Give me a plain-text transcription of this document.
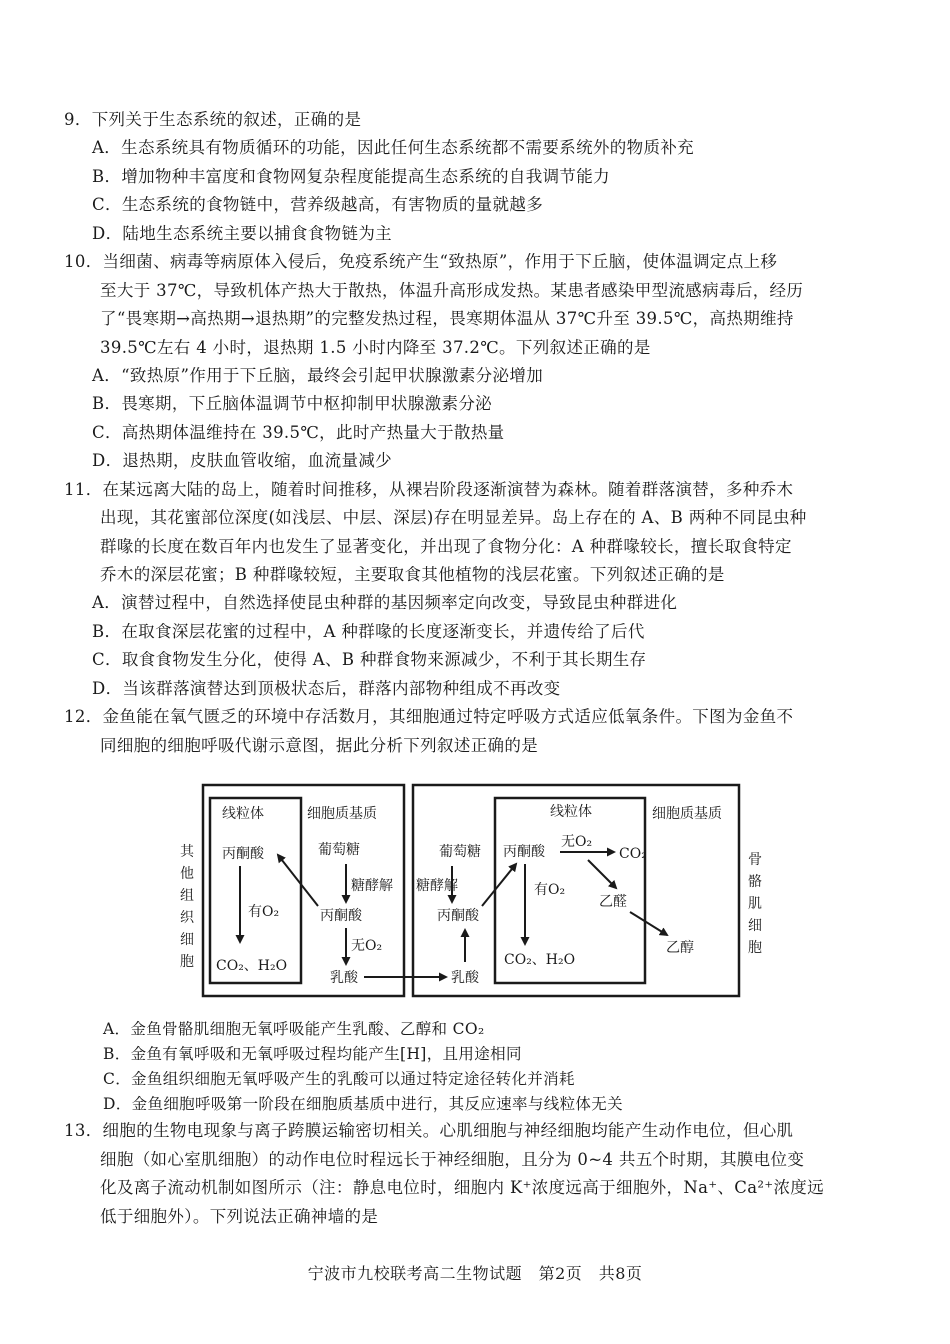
9．下列关于生态系统的叙述，正确的是
A．生态系统具有物质循环的功能，因此任何生态系统都不需要系统外的物质补充
B．增加物种丰富度和食物网复杂程度能提高生态系统的自我调节能力
C．生态系统的食物链中，营养级越高，有害物质的量就越多
D．陆地生态系统主要以捕食食物链为主
10．当细菌、病毒等病原体入侵后，免疫系统产生“致热原”，作用于下丘脑，使体温调定点上移
至大于 37℃，导致机体产热大于散热，体温升高形成发热。某患者感染甲型流感病毒后，经历
了“畏寒期→高热期→退热期”的完整发热过程，畏寒期体温从 37℃升至 39.5℃，高热期维持
39.5℃左右 4 小时，退热期 1.5 小时内降至 37.2℃。下列叙述正确的是
A．“致热原”作用于下丘脑，最终会引起甲状腺激素分泌增加
B．畏寒期，下丘脑体温调节中枢抑制甲状腺激素分泌
C．高热期体温维持在 39.5℃，此时产热量大于散热量
D．退热期，皮肤血管收缩，血流量减少
11．在某远离大陆的岛上，随着时间推移，从裸岩阶段逐渐演替为森林。随着群落演替，多种乔木
出现，其花蜜部位深度(如浅层、中层、深层)存在明显差异。岛上存在的 A、B 两种不同昆虫种
群喙的长度在数百年内也发生了显著变化，并出现了食物分化：A 种群喙较长，擅长取食特定
乔木的深层花蜜；B 种群喙较短，主要取食其他植物的浅层花蜜。下列叙述正确的是
A．演替过程中，自然选择使昆虫种群的基因频率定向改变，导致昆虫种群进化
B．在取食深层花蜜的过程中，A 种群喙的长度逐渐变长，并遗传给了后代
C．取食食物发生分化，使得 A、B 种群食物来源减少，不利于其长期生存
D．当该群落演替达到顶极状态后，群落内部物种组成不再改变
12．金鱼能在氧气匮乏的环境中存活数月，其细胞通过特定呼吸方式适应低氧条件。下图为金鱼不
同细胞的细胞呼吸代谢示意图，据此分析下列叙述正确的是
其
他
组
织
细
胞
骨
骼
肌
细
胞
线粒体	细胞质基质
丙酮酸	葡萄糖
糖酵解
丙酮酸
有O₂
无O₂
CO₂、H₂O
乳酸
线粒体	细胞质基质
葡萄糖
糖酵解
丙酮酸
乳酸
丙酮酸
无O₂
CO₂
有O₂
乙醛
CO₂、H₂O
乙醇
A．金鱼骨骼肌细胞无氧呼吸能产生乳酸、乙醇和 CO₂
B．金鱼有氧呼吸和无氧呼吸过程均能产生[H]，且用途相同
C．金鱼组织细胞无氧呼吸产生的乳酸可以通过特定途径转化并消耗
D．金鱼细胞呼吸第一阶段在细胞质基质中进行，其反应速率与线粒体无关
13．细胞的生物电现象与离子跨膜运输密切相关。心肌细胞与神经细胞均能产生动作电位，但心肌
细胞（如心室肌细胞）的动作电位时程远长于神经细胞，且分为 0~4 共五个时期，其膜电位变
化及离子流动机制如图所示（注：静息电位时，细胞内 K⁺浓度远高于细胞外，Na⁺、Ca²⁺浓度远
低于细胞外）。下列说法正确神墙的是
宁波市九校联考高二生物试题　第2页　共8页
